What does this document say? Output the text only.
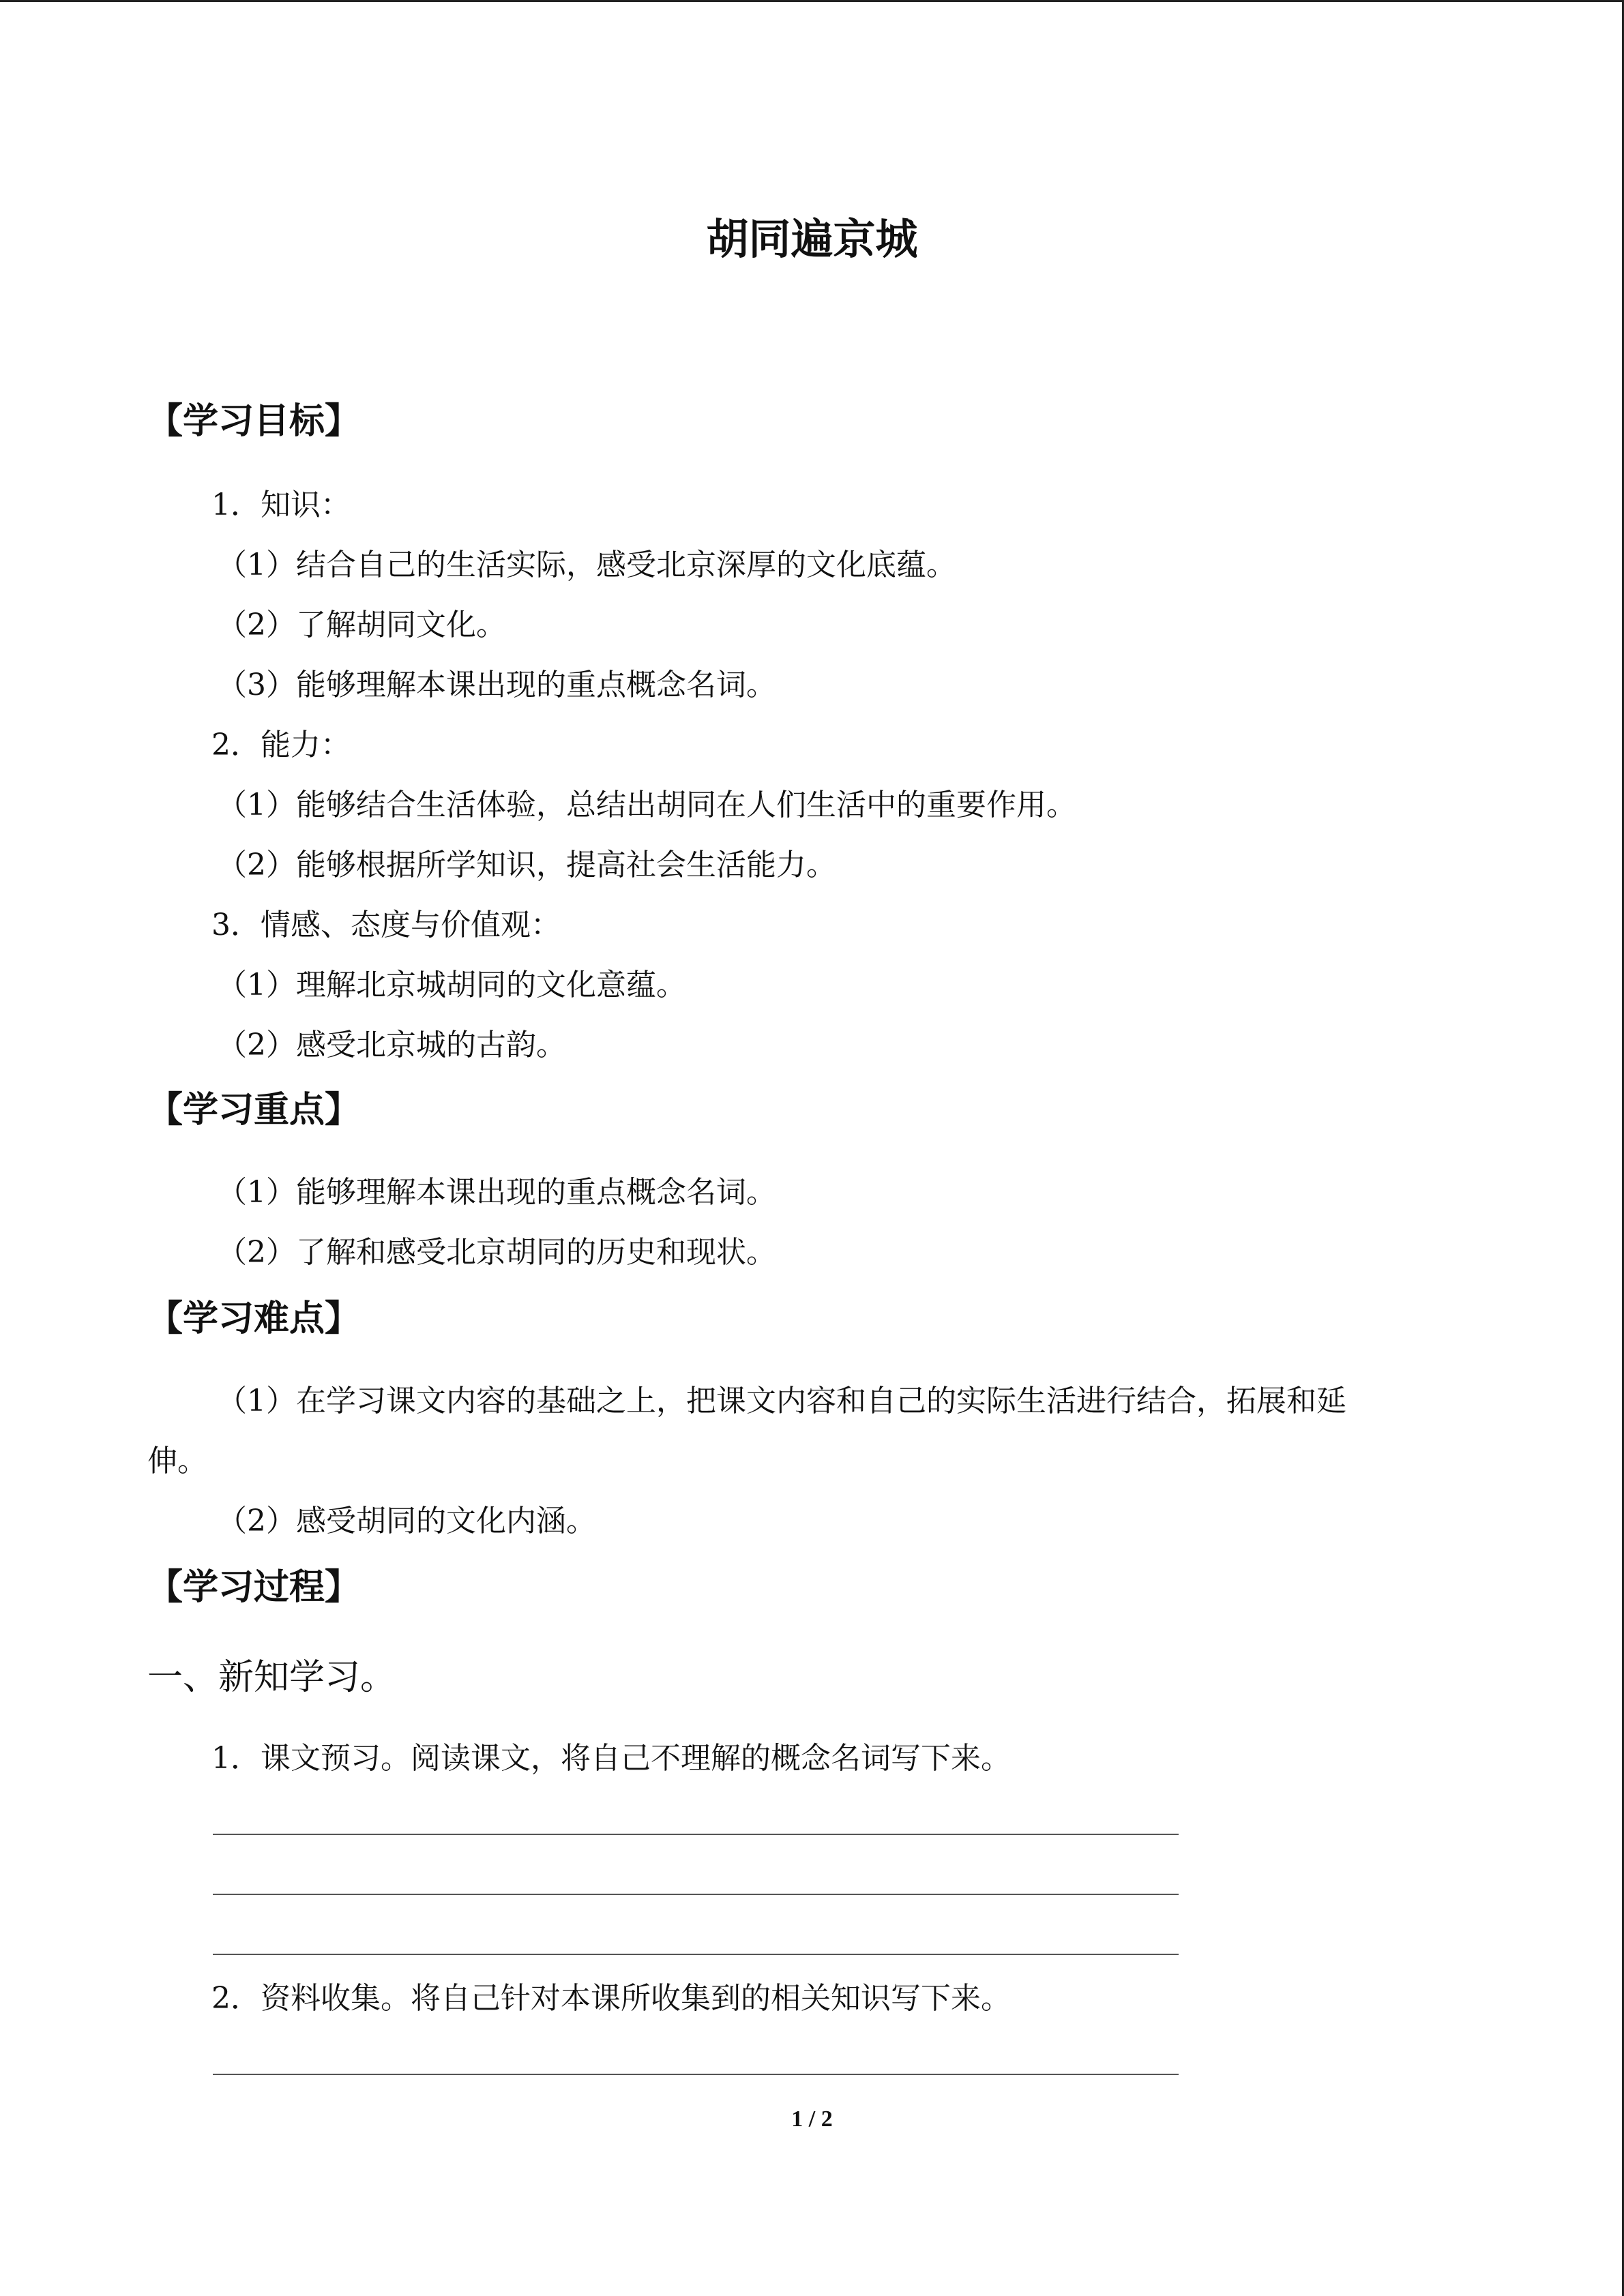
胡同遍京城
【学习目标】
1．知识：
（1）结合自己的生活实际，感受北京深厚的文化底蕴。
（2）了解胡同文化。
（3）能够理解本课出现的重点概念名词。
2．能力：
（1）能够结合生活体验，总结出胡同在人们生活中的重要作用。
（2）能够根据所学知识，提高社会生活能力。
3．情感、态度与价值观：
（1）理解北京城胡同的文化意蕴。
（2）感受北京城的古韵。
【学习重点】
（1）能够理解本课出现的重点概念名词。
（2）了解和感受北京胡同的历史和现状。
【学习难点】
（1）在学习课文内容的基础之上，把课文内容和自己的实际生活进行结合，拓展和延
伸。
（2）感受胡同的文化内涵。
【学习过程】
一、新知学习。
1．课文预习。阅读课文，将自己不理解的概念名词写下来。
2．资料收集。将自己针对本课所收集到的相关知识写下来。
1 / 2
